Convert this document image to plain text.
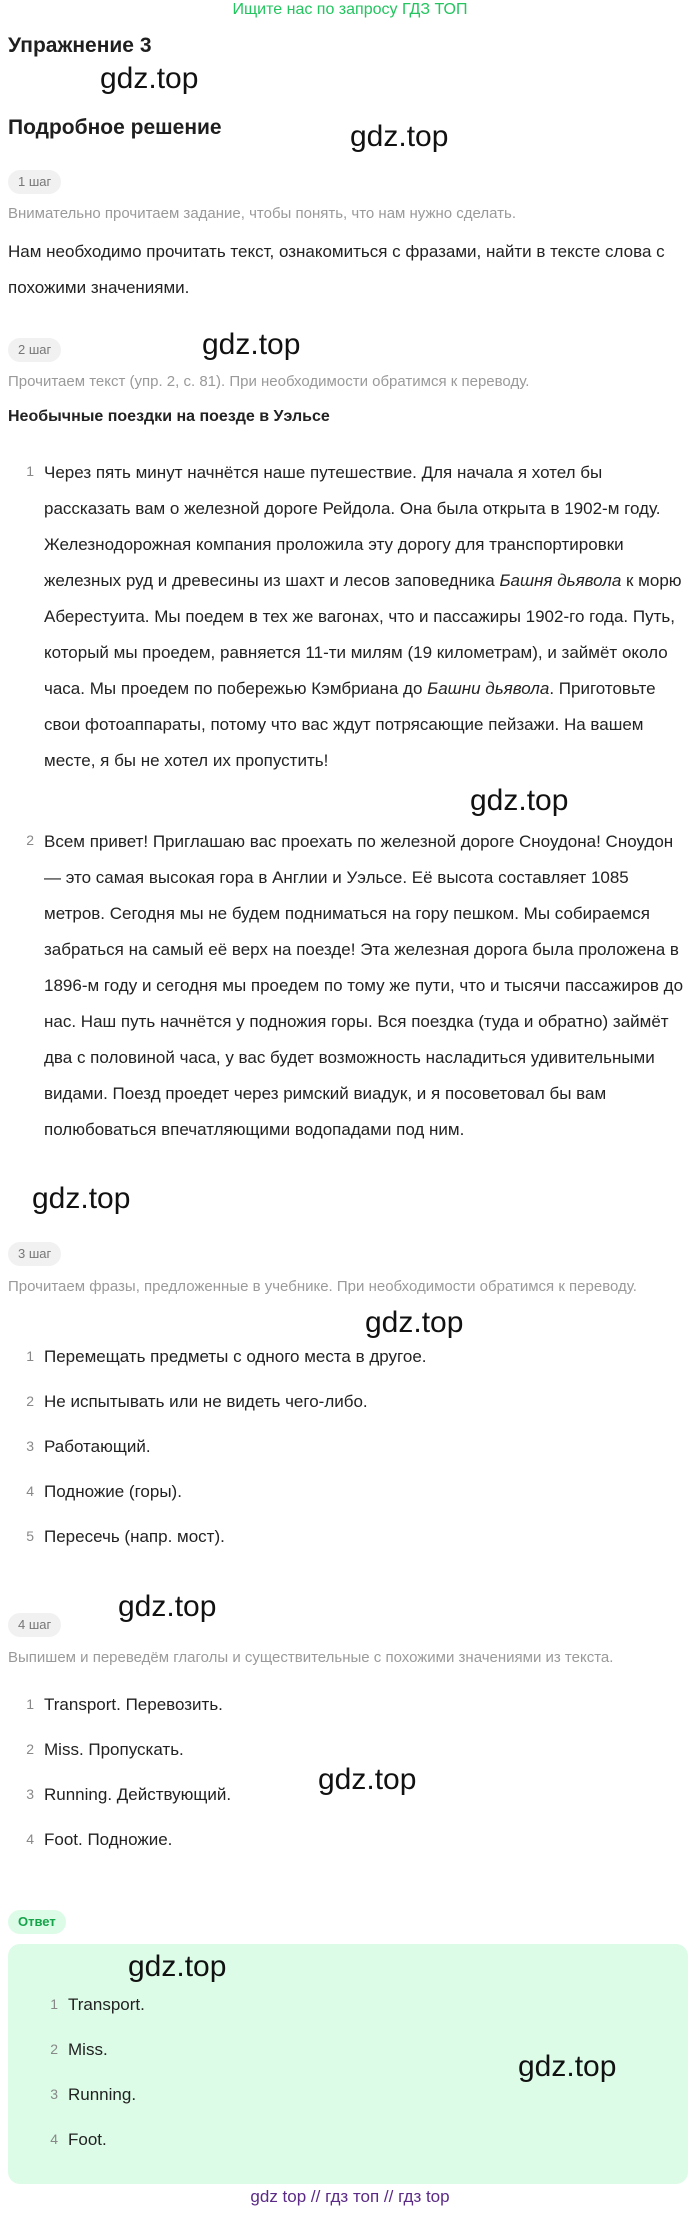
Ищите нас по запросу ГДЗ ТОП
Упражнение 3
gdz.top
Подробное решение	gdz.top
1 шаг
Внимательно прочитаем задание, чтобы понять, что нам нужно сделать.
Нам необходимо прочитать текст, ознакомиться с фразами, найти в тексте слова с похожими значениями.
2 шаг	gdz.top
Прочитаем текст (упр. 2, с. 81). При необходимости обратимся к переводу.
Необычные поездки на поезде в Уэльсе
1 Через пять минут начнётся наше путешествие. Для начала я хотел бы рассказать вам о железной дороге Рейдола. Она была открыта в 1902-м году. Железнодорожная компания проложила эту дорогу для транспортировки железных руд и древесины из шахт и лесов заповедника Башня дьявола к морю Аберестуита. Мы поедем в тех же вагонах, что и пассажиры 1902-го года. Путь, который мы проедем, равняется 11-ти милям (19 километрам), и займёт около часа. Мы проедем по побережью Кэмбриана до Башни дьявола. Приготовьте свои фотоаппараты, потому что вас ждут потрясающие пейзажи. На вашем месте, я бы не хотел их пропустить!
gdz.top
2 Всем привет! Приглашаю вас проехать по железной дороге Сноудона! Сноудон — это самая высокая гора в Англии и Уэльсе. Её высота составляет 1085 метров. Сегодня мы не будем подниматься на гору пешком. Мы собираемся забраться на самый её верх на поезде! Эта железная дорога была проложена в 1896-м году и сегодня мы проедем по тому же пути, что и тысячи пассажиров до нас. Наш путь начнётся у подножия горы. Вся поездка (туда и обратно) займёт два с половиной часа, у вас будет возможность насладиться удивительными видами. Поезд проедет через римский виадук, и я посоветовал бы вам полюбоваться впечатляющими водопадами под ним.
gdz.top
3 шаг
Прочитаем фразы, предложенные в учебнике. При необходимости обратимся к переводу.
gdz.top
1 Перемещать предметы с одного места в другое.
2 Не испытывать или не видеть чего-либо.
3 Работающий.
4 Подножие (горы).
5 Пересечь (напр. мост).
4 шаг
gdz.top
Выпишем и переведём глаголы и существительные с похожими значениями из текста.
1 Transport. Перевозить.
2 Miss. Пропускать.
3 Running. Действующий.	gdz.top
4 Foot. Подножие.
Ответ
gdz.top
1 Transport.
2 Miss.
3 Running.
gdz.top
4 Foot.
gdz top // гдз топ // гдз top
